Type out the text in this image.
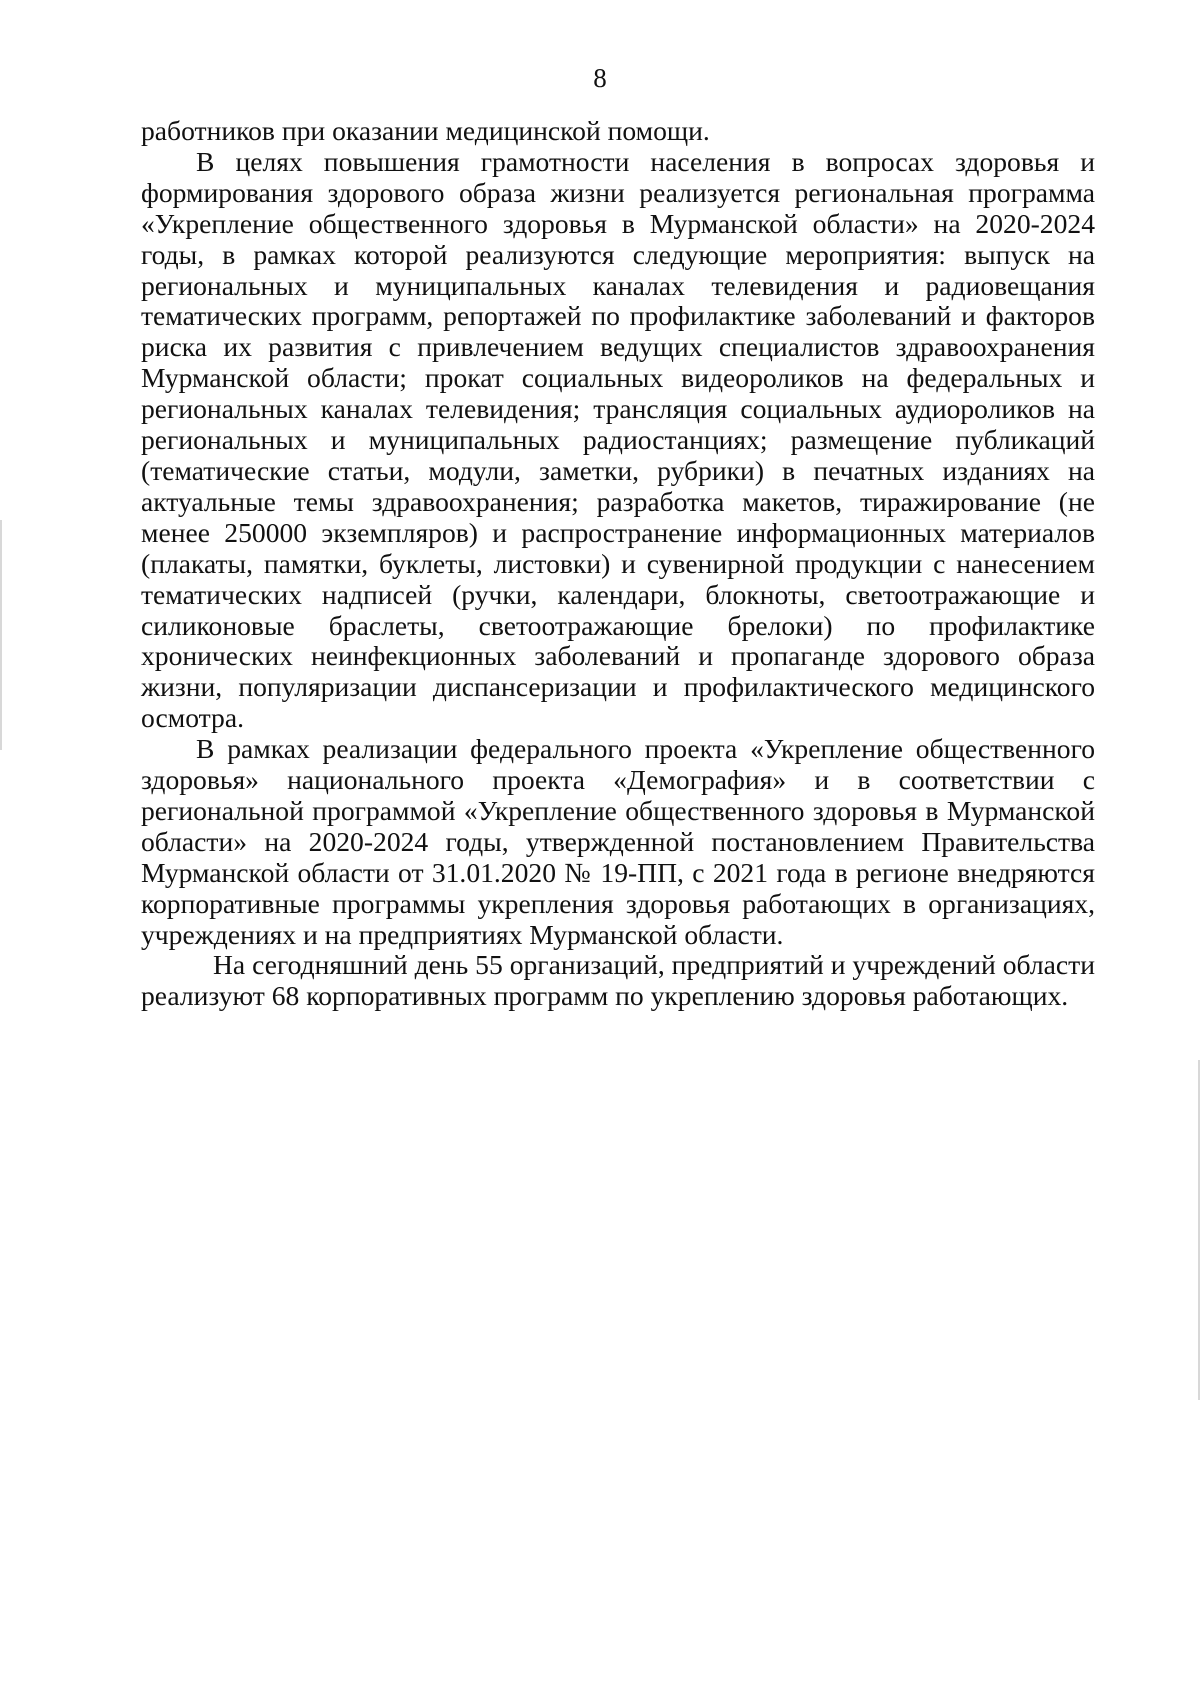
8

работников при оказании медицинской помощи.

В целях повышения грамотности населения в вопросах здоровья и формирования здорового образа жизни реализуется региональная программа «Укрепление общественного здоровья в Мурманской области» на 2020-2024 годы, в рамках которой реализуются следующие мероприятия: выпуск на региональных и муниципальных каналах телевидения и радиовещания тематических программ, репортажей по профилактике заболеваний и факторов риска их развития с привлечением ведущих специалистов здравоохранения Мурманской области; прокат социальных видеороликов на федеральных и региональных каналах телевидения; трансляция социальных аудиороликов на региональных и муниципальных радиостанциях; размещение публикаций (тематические статьи, модули, заметки, рубрики) в печатных изданиях на актуальные темы здравоохранения; разработка макетов, тиражирование (не менее 250000 экземпляров) и распространение информационных материалов (плакаты, памятки, буклеты, листовки) и сувенирной продукции с нанесением тематических надписей (ручки, календари, блокноты, светоотражающие и силиконовые браслеты, светоотражающие брелоки) по профилактике хронических неинфекционных заболеваний и пропаганде здорового образа жизни, популяризации диспансеризации и профилактического медицинского осмотра.

В рамках реализации федерального проекта «Укрепление общественного здоровья» национального проекта «Демография» и в соответствии с региональной программой «Укрепление общественного здоровья в Мурманской области» на 2020-2024 годы, утвержденной постановлением Правительства Мурманской области от 31.01.2020 № 19-ПП, с 2021 года в регионе внедряются корпоративные программы укрепления здоровья работающих в организациях, учреждениях и на предприятиях Мурманской области.

На сегодняшний день 55 организаций, предприятий и учреждений области реализуют 68 корпоративных программ по укреплению здоровья работающих.
